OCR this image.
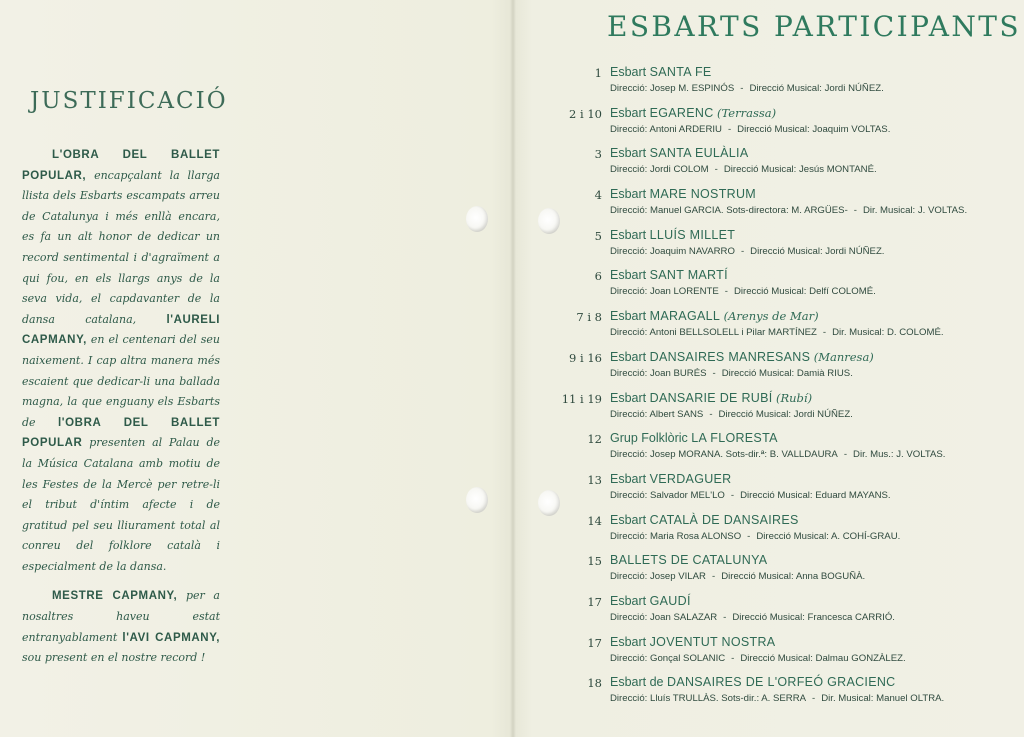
JUSTIFICACIÓ

L'OBRA DEL BALLET POPULAR, encapçalant la llarga llista dels Esbarts escampats arreu de Catalunya i més enllà encara, es fa un alt honor de dedicar un record sentimental i d'agraïment a qui fou, en els llargs anys de la seva vida, el capdavanter de la dansa catalana, l'AURELI CAPMANY, en el centenari del seu naixement. I cap altra manera més escaient que dedicar-li una ballada magna, la que enguany els Esbarts de l'OBRA DEL BALLET POPULAR presenten al Palau de la Música Catalana amb motiu de les Festes de la Mercè per retre-li el tribut d'íntim afecte i de gratitud pel seu lliurament total al conreu del folklore català i especialment de la dansa.

MESTRE CAPMANY, per a nosaltres haveu estat entranyablament l'AVI CAPMANY, sou present en el nostre record !

ESBARTS PARTICIPANTS
1 Esbart SANTA FE
Direcció: Josep M. ESPINÓS - Direcció Musical: Jordi NÚÑEZ.
2 i 10 Esbart EGARENC (Terrassa)
Direcció: Antoni ARDERIU - Direcció Musical: Joaquim VOLTAS.
3 Esbart SANTA EULÀLIA
Direcció: Jordi COLOM - Direcció Musical: Jesús MONTANÉ.
4 Esbart MARE NOSTRUM
Direcció: Manuel GARCIA. Sots-directora: M. ARGÜES- - Dir. Musical: J. VOLTAS.
5 Esbart LLUÍS MILLET
Direcció: Joaquim NAVARRO - Direcció Musical: Jordi NÚÑEZ.
6 Esbart SANT MARTÍ
Direcció: Joan LORENTE - Direcció Musical: Delfí COLOMÉ.
7 i 8 Esbart MARAGALL (Arenys de Mar)
Direcció: Antoni BELLSOLELL i Pilar MARTÍNEZ - Dir. Musical: D. COLOMÉ.
9 i 16 Esbart DANSAIRES MANRESANS (Manresa)
Direcció: Joan BURÉS - Direcció Musical: Damià RIUS.
11 i 19 Esbart DANSARIE DE RUBÍ (Rubí)
Direcció: Albert SANS - Direcció Musical: Jordi NÚÑEZ.
12 Grup Folklòric LA FLORESTA
Direcció: Josep MORANA. Sots-dir.ª: B. VALLDAURA - Dir. Mus.: J. VOLTAS.
13 Esbart VERDAGUER
Direcció: Salvador MEL'LO - Direcció Musical: Eduard MAYANS.
14 Esbart CATALÀ DE DANSAIRES
Direcció: Maria Rosa ALONSO - Direcció Musical: A. COHÍ-GRAU.
15 BALLETS DE CATALUNYA
Direcció: Josep VILAR - Direcció Musical: Anna BOGUÑÀ.
17 Esbart GAUDÍ
Direcció: Joan SALAZAR - Direcció Musical: Francesca CARRIÓ.
17 Esbart JOVENTUT NOSTRA
Direcció: Gonçal SOLANIC - Direcció Musical: Dalmau GONZÀLEZ.
18 Esbart de DANSAIRES DE L'ORFEÓ GRACIENC
Direcció: Lluís TRULLÀS. Sots-dir.: A. SERRA - Dir. Musical: Manuel OLTRA.
